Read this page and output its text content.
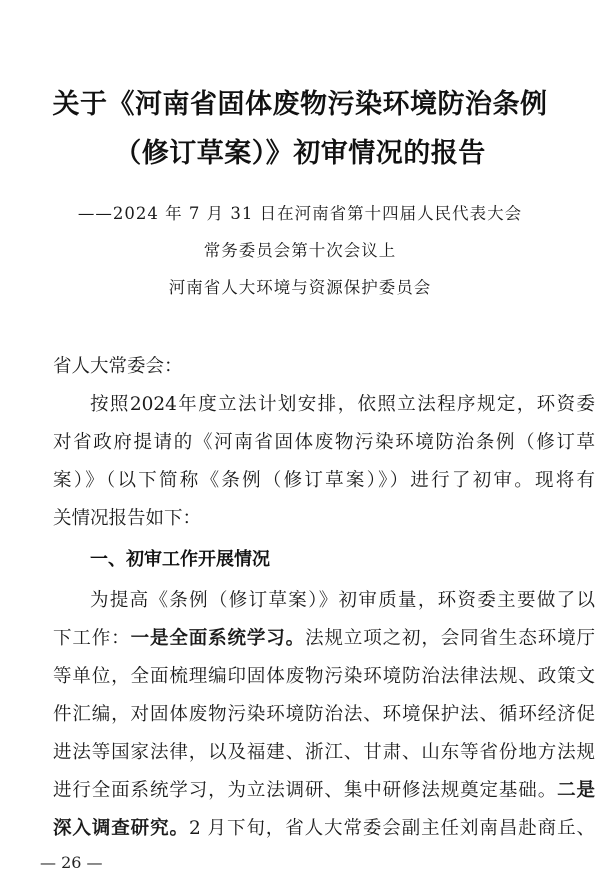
关于《河南省固体废物污染环境防治条例
（修订草案）》初审情况的报告
——2024 年 7 月 31 日在河南省第十四届人民代表大会
常务委员会第十次会议上
河南省人大环境与资源保护委员会
省人大常委会：
按照2024年度立法计划安排，依照立法程序规定，环资委
对省政府提请的《河南省固体废物污染环境防治条例（修订草
案）》（以下简称《条例（修订草案）》）进行了初审。现将有
关情况报告如下：
一、初审工作开展情况
为提高《条例（修订草案）》初审质量，环资委主要做了以
下工作：一是全面系统学习。法规立项之初，会同省生态环境厅
等单位，全面梳理编印固体废物污染环境防治法律法规、政策文
件汇编，对固体废物污染环境防治法、环境保护法、循环经济促
进法等国家法律，以及福建、浙江、甘肃、山东等省份地方法规
进行全面系统学习，为立法调研、集中研修法规奠定基础。二是
深入调查研究。2 月下旬，省人大常委会副主任刘南昌赴商丘、
— 26 —
